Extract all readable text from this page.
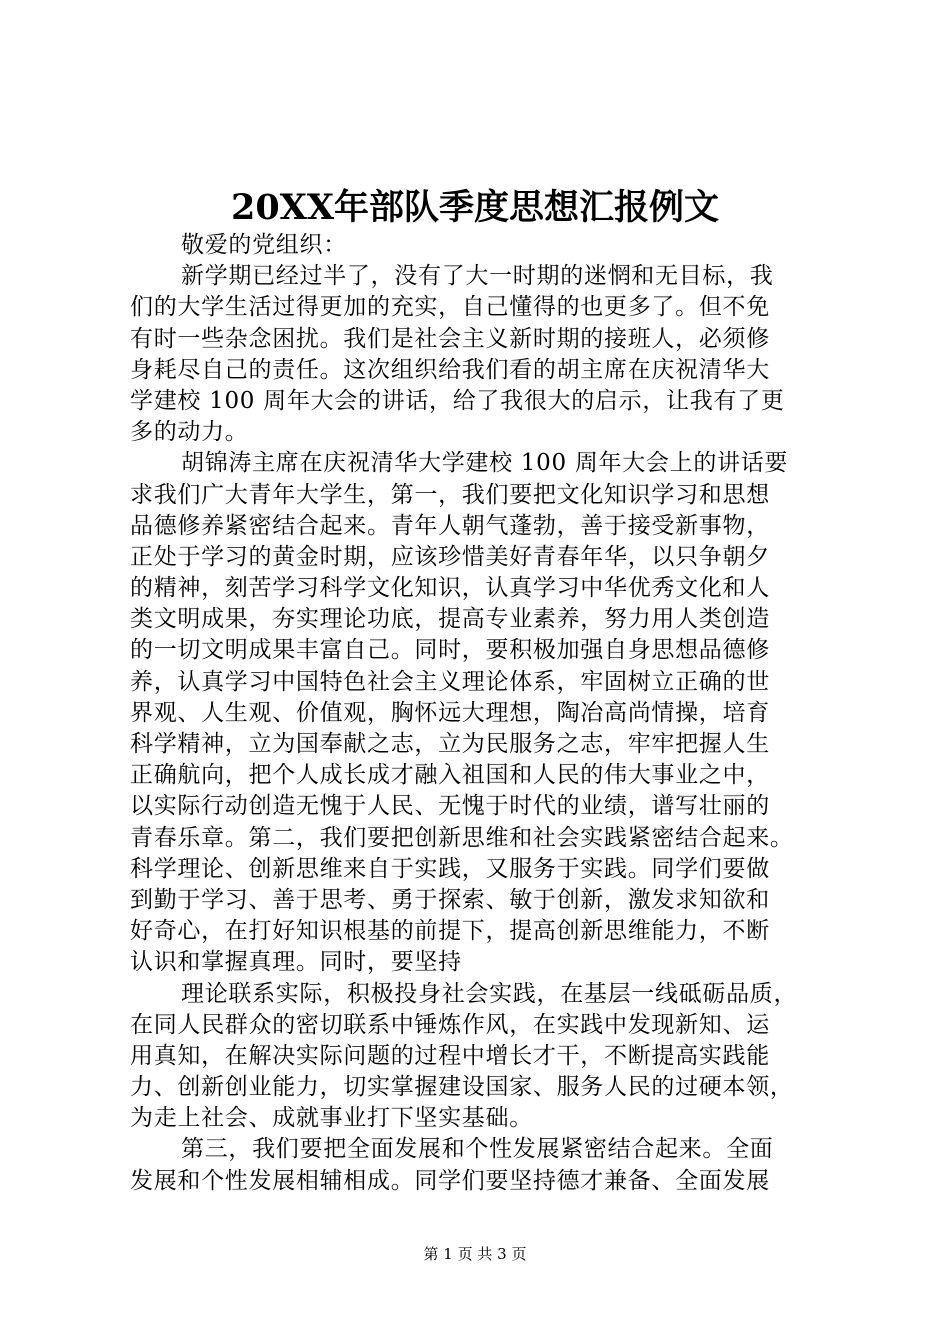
20XX年部队季度思想汇报例文
敬爱的党组织：
新学期已经过半了，没有了大一时期的迷惘和无目标，我
们的大学生活过得更加的充实，自己懂得的也更多了。但不免
有时一些杂念困扰。我们是社会主义新时期的接班人，必须修
身耗尽自己的责任。这次组织给我们看的胡主席在庆祝清华大
学建校 100 周年大会的讲话，给了我很大的启示，让我有了更
多的动力。
胡锦涛主席在庆祝清华大学建校 100 周年大会上的讲话要
求我们广大青年大学生，第一，我们要把文化知识学习和思想
品德修养紧密结合起来。青年人朝气蓬勃，善于接受新事物，
正处于学习的黄金时期，应该珍惜美好青春年华，以只争朝夕
的精神，刻苦学习科学文化知识，认真学习中华优秀文化和人
类文明成果，夯实理论功底，提高专业素养，努力用人类创造
的一切文明成果丰富自己。同时，要积极加强自身思想品德修
养，认真学习中国特色社会主义理论体系，牢固树立正确的世
界观、人生观、价值观，胸怀远大理想，陶冶高尚情操，培育
科学精神，立为国奉献之志，立为民服务之志，牢牢把握人生
正确航向，把个人成长成才融入祖国和人民的伟大事业之中，
以实际行动创造无愧于人民、无愧于时代的业绩，谱写壮丽的
青春乐章。第二，我们要把创新思维和社会实践紧密结合起来。
科学理论、创新思维来自于实践，又服务于实践。同学们要做
到勤于学习、善于思考、勇于探索、敏于创新，激发求知欲和
好奇心，在打好知识根基的前提下，提高创新思维能力，不断
认识和掌握真理。同时，要坚持
理论联系实际，积极投身社会实践，在基层一线砥砺品质，
在同人民群众的密切联系中锤炼作风，在实践中发现新知、运
用真知，在解决实际问题的过程中增长才干，不断提高实践能
力、创新创业能力，切实掌握建设国家、服务人民的过硬本领，
为走上社会、成就事业打下坚实基础。
第三，我们要把全面发展和个性发展紧密结合起来。全面
发展和个性发展相辅相成。同学们要坚持德才兼备、全面发展
第 1 页 共 3 页
